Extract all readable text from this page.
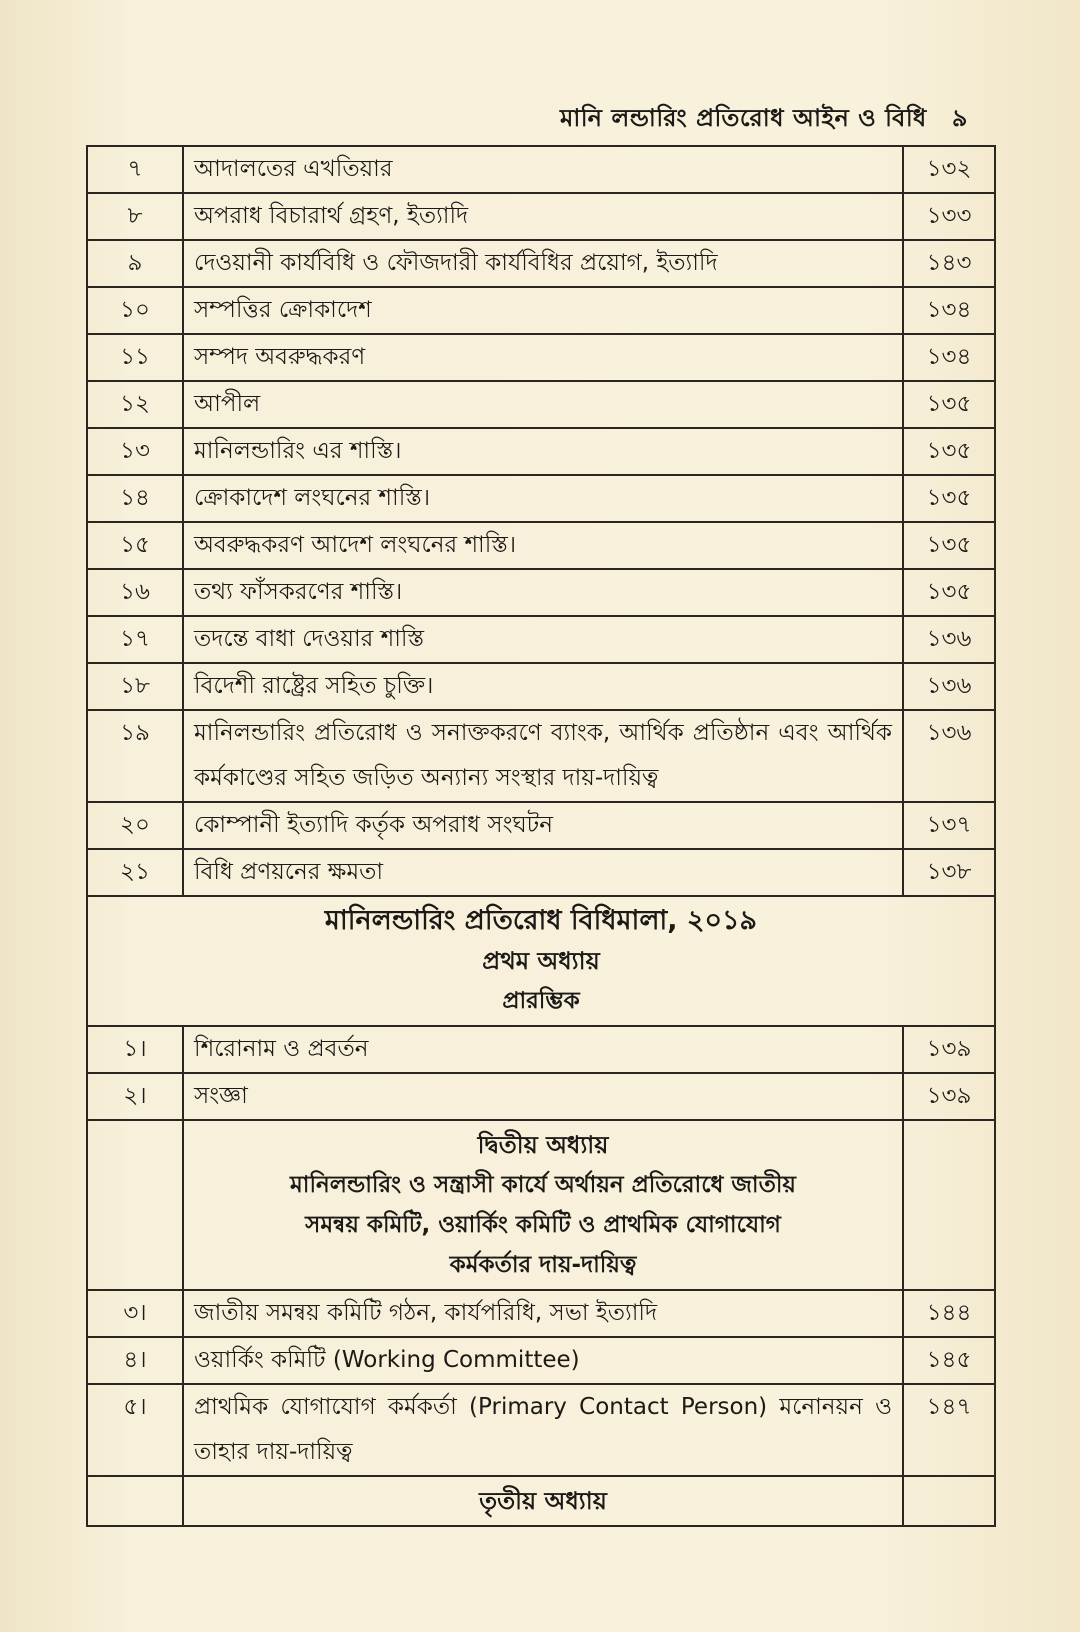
মানি লন্ডারিং প্রতিরোধ আইন ও বিধি ৯
৭	আদালতের এখতিয়ার	১৩২
৮	অপরাধ বিচারার্থ গ্রহণ, ইত্যাদি	১৩৩
৯	দেওয়ানী কার্যবিধি ও ফৌজদারী কার্যবিধির প্রয়োগ, ইত্যাদি	১৪৩
১০	সম্পত্তির ক্রোকাদেশ	১৩৪
১১	সম্পদ অবরুদ্ধকরণ	১৩৪
১২	আপীল	১৩৫
১৩	মানিলন্ডারিং এর শাস্তি।	১৩৫
১৪	ক্রোকাদেশ লংঘনের শাস্তি।	১৩৫
১৫	অবরুদ্ধকরণ আদেশ লংঘনের শাস্তি।	১৩৫
১৬	তথ্য ফাঁসকরণের শাস্তি।	১৩৫
১৭	তদন্তে বাধা দেওয়ার শাস্তি	১৩৬
১৮	বিদেশী রাষ্ট্রের সহিত চুক্তি।	১৩৬
১৯	মানিলন্ডারিং প্রতিরোধ ও সনাক্তকরণে ব্যাংক, আর্থিক প্রতিষ্ঠান এবং আর্থিক কর্মকাণ্ডের সহিত জড়িত অন্যান্য সংস্থার দায়-দায়িত্ব	১৩৬
২০	কোম্পানী ইত্যাদি কর্তৃক অপরাধ সংঘটন	১৩৭
২১	বিধি প্রণয়নের ক্ষমতা	১৩৮

মানিলন্ডারিং প্রতিরোধ বিধিমালা, ২০১৯
প্রথম অধ্যায়
প্রারম্ভিক		

১।	শিরোনাম ও প্রবর্তন	১৩৯
২।	সংজ্ঞা	১৩৯

	দ্বিতীয় অধ্যায়
মানিলন্ডারিং ও সন্ত্রাসী কার্যে অর্থায়ন প্রতিরোধে জাতীয়
সমন্বয় কমিটি, ওয়ার্কিং কমিটি ও প্রাথমিক যোগাযোগ
কর্মকর্তার দায়-দায়িত্ব	

৩।	জাতীয় সমন্বয় কমিটি গঠন, কার্যপরিধি, সভা ইত্যাদি	১৪৪
৪।	ওয়ার্কিং কমিটি (Working Committee)	১৪৫
৫।	প্রাথমিক যোগাযোগ কর্মকর্তা (Primary Contact Person) মনোনয়ন ও তাহার দায়-দায়িত্ব	১৪৭

	তৃতীয় অধ্যায়	
